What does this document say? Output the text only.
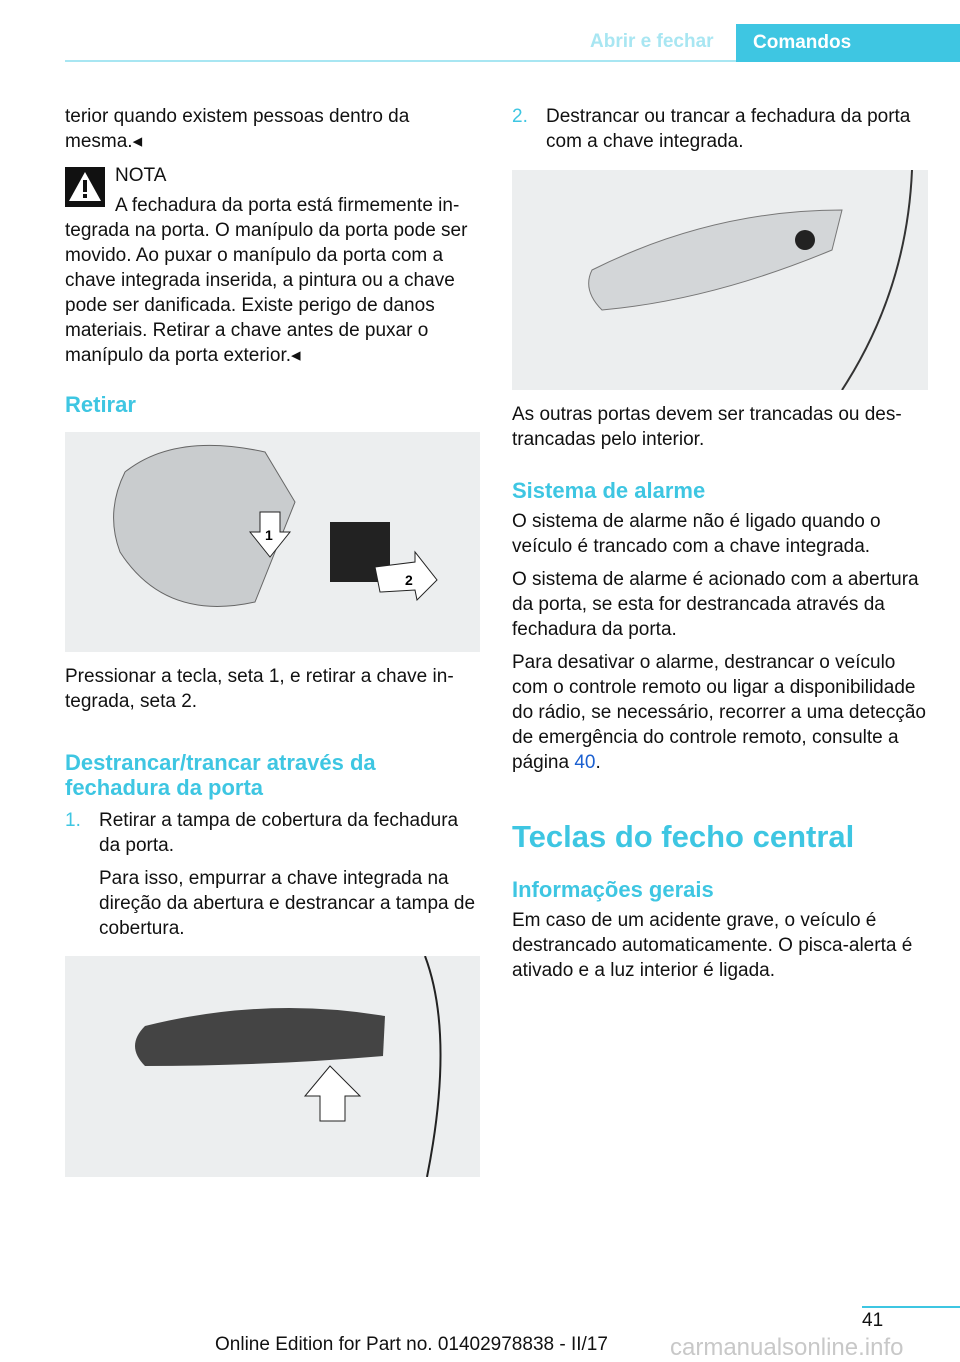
Abrir e fechar	Comandos
terior quando existem pessoas dentro da mesma.◂
NOTA
A fechadura da porta está firmemente in-
tegrada na porta. O manípulo da porta pode ser movido. Ao puxar o manípulo da porta com a chave integrada inserida, a pintura ou a chave pode ser danificada. Existe perigo de danos materiais. Retirar a chave antes de puxar o manípulo da porta exterior.◂
Retirar
1
2
Pressionar a tecla, seta 1, e retirar a chave integrada, seta 2.
Destrancar/trancar através da fechadura da porta
1. Retirar a tampa de cobertura da fechadura da porta.
Para isso, empurrar a chave integrada na direção da abertura e destrancar a tampa de cobertura.
2. Destrancar ou trancar a fechadura da porta com a chave integrada.
As outras portas devem ser trancadas ou destrancadas pelo interior.
Sistema de alarme
O sistema de alarme não é ligado quando o veículo é trancado com a chave integrada.
O sistema de alarme é acionado com a abertura da porta, se esta for destrancada através da fechadura da porta.
Para desativar o alarme, destrancar o veículo com o controle remoto ou ligar a disponibilidade do rádio, se necessário, recorrer a uma detecção de emergência do controle remoto, consulte a página 40.
Teclas do fecho central
Informações gerais
Em caso de um acidente grave, o veículo é destrancado automaticamente. O pisca-alerta é ativado e a luz interior é ligada.
41
Online Edition for Part no. 01402978838 - II/17	carmanualsonline.info
